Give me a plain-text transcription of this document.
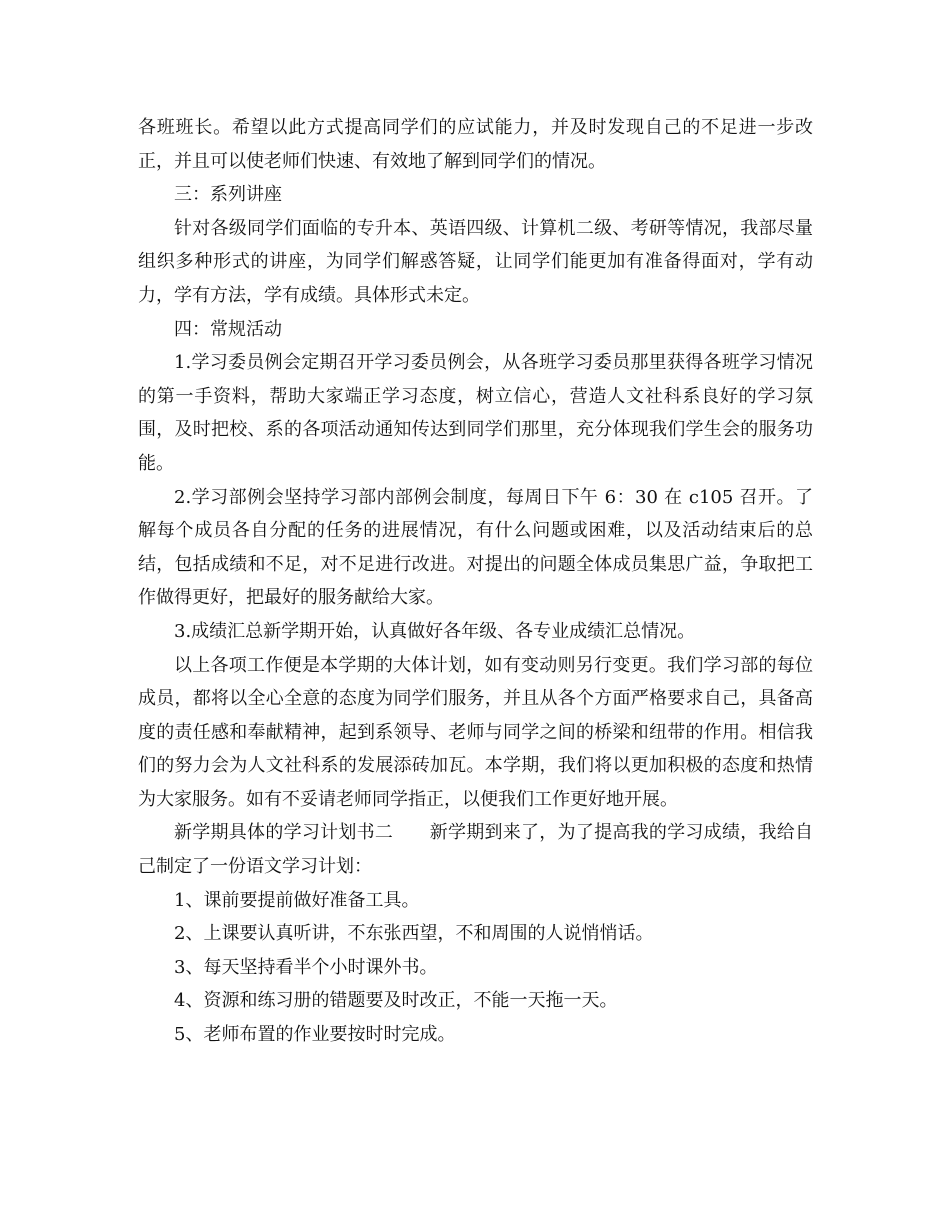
各班班长。希望以此方式提高同学们的应试能力，并及时发现自己的不足进一步改正，并且可以使老师们快速、有效地了解到同学们的情况。

三：系列讲座

针对各级同学们面临的专升本、英语四级、计算机二级、考研等情况，我部尽量组织多种形式的讲座，为同学们解惑答疑，让同学们能更加有准备得面对，学有动力，学有方法，学有成绩。具体形式未定。

四：常规活动

1.学习委员例会定期召开学习委员例会，从各班学习委员那里获得各班学习情况的第一手资料，帮助大家端正学习态度，树立信心，营造人文社科系良好的学习氛围，及时把校、系的各项活动通知传达到同学们那里，充分体现我们学生会的服务功能。

2.学习部例会坚持学习部内部例会制度，每周日下午 6：30 在 c105 召开。了解每个成员各自分配的任务的进展情况，有什么问题或困难，以及活动结束后的总结，包括成绩和不足，对不足进行改进。对提出的问题全体成员集思广益，争取把工作做得更好，把最好的服务献给大家。

3.成绩汇总新学期开始，认真做好各年级、各专业成绩汇总情况。

以上各项工作便是本学期的大体计划，如有变动则另行变更。我们学习部的每位成员，都将以全心全意的态度为同学们服务，并且从各个方面严格要求自己，具备高度的责任感和奉献精神，起到系领导、老师与同学之间的桥梁和纽带的作用。相信我们的努力会为人文社科系的发展添砖加瓦。本学期，我们将以更加积极的态度和热情为大家服务。如有不妥请老师同学指正，以便我们工作更好地开展。

新学期具体的学习计划书二　　新学期到来了，为了提高我的学习成绩，我给自己制定了一份语文学习计划：

1、课前要提前做好准备工具。

2、上课要认真听讲，不东张西望，不和周围的人说悄悄话。

3、每天坚持看半个小时课外书。

4、资源和练习册的错题要及时改正，不能一天拖一天。

5、老师布置的作业要按时时完成。
